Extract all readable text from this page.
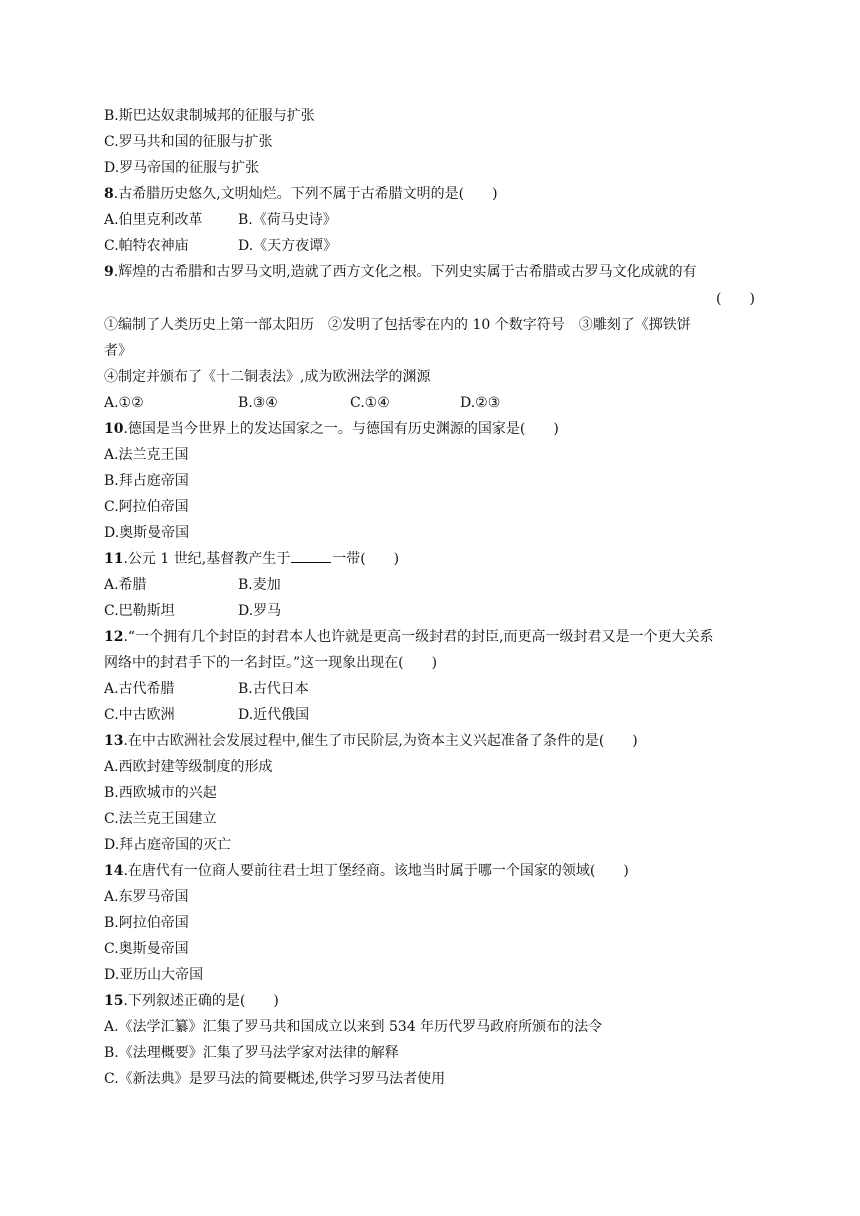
B.斯巴达奴隶制城邦的征服与扩张
C.罗马共和国的征服与扩张
D.罗马帝国的征服与扩张
8.古希腊历史悠久,文明灿烂。下列不属于古希腊文明的是(　　)
A.伯里克利改革	B.《荷马史诗》
C.帕特农神庙	D.《天方夜谭》
9.辉煌的古希腊和古罗马文明,造就了西方文化之根。下列史实属于古希腊或古罗马文化成就的有
(　　)
①编制了人类历史上第一部太阳历　②发明了包括零在内的 10 个数字符号　③雕刻了《掷铁饼
者》
④制定并颁布了《十二铜表法》,成为欧洲法学的渊源
A.①②	B.③④	C.①④	D.②③
10.德国是当今世界上的发达国家之一。与德国有历史渊源的国家是(　　)
A.法兰克王国
B.拜占庭帝国
C.阿拉伯帝国
D.奥斯曼帝国
11.公元 1 世纪,基督教产生于	一带(　　)
A.希腊	B.麦加
C.巴勒斯坦	D.罗马
12.“一个拥有几个封臣的封君本人也许就是更高一级封君的封臣,而更高一级封君又是一个更大关系
网络中的封君手下的一名封臣。”这一现象出现在(　　)
A.古代希腊	B.古代日本
C.中古欧洲	D.近代俄国
13.在中古欧洲社会发展过程中,催生了市民阶层,为资本主义兴起准备了条件的是(　　)
A.西欧封建等级制度的形成
B.西欧城市的兴起
C.法兰克王国建立
D.拜占庭帝国的灭亡
14.在唐代有一位商人要前往君士坦丁堡经商。该地当时属于哪一个国家的领域(　　)
A.东罗马帝国
B.阿拉伯帝国
C.奥斯曼帝国
D.亚历山大帝国
15.下列叙述正确的是(　　)
A.《法学汇纂》汇集了罗马共和国成立以来到 534 年历代罗马政府所颁布的法令
B.《法理概要》汇集了罗马法学家对法律的解释
C.《新法典》是罗马法的简要概述,供学习罗马法者使用
